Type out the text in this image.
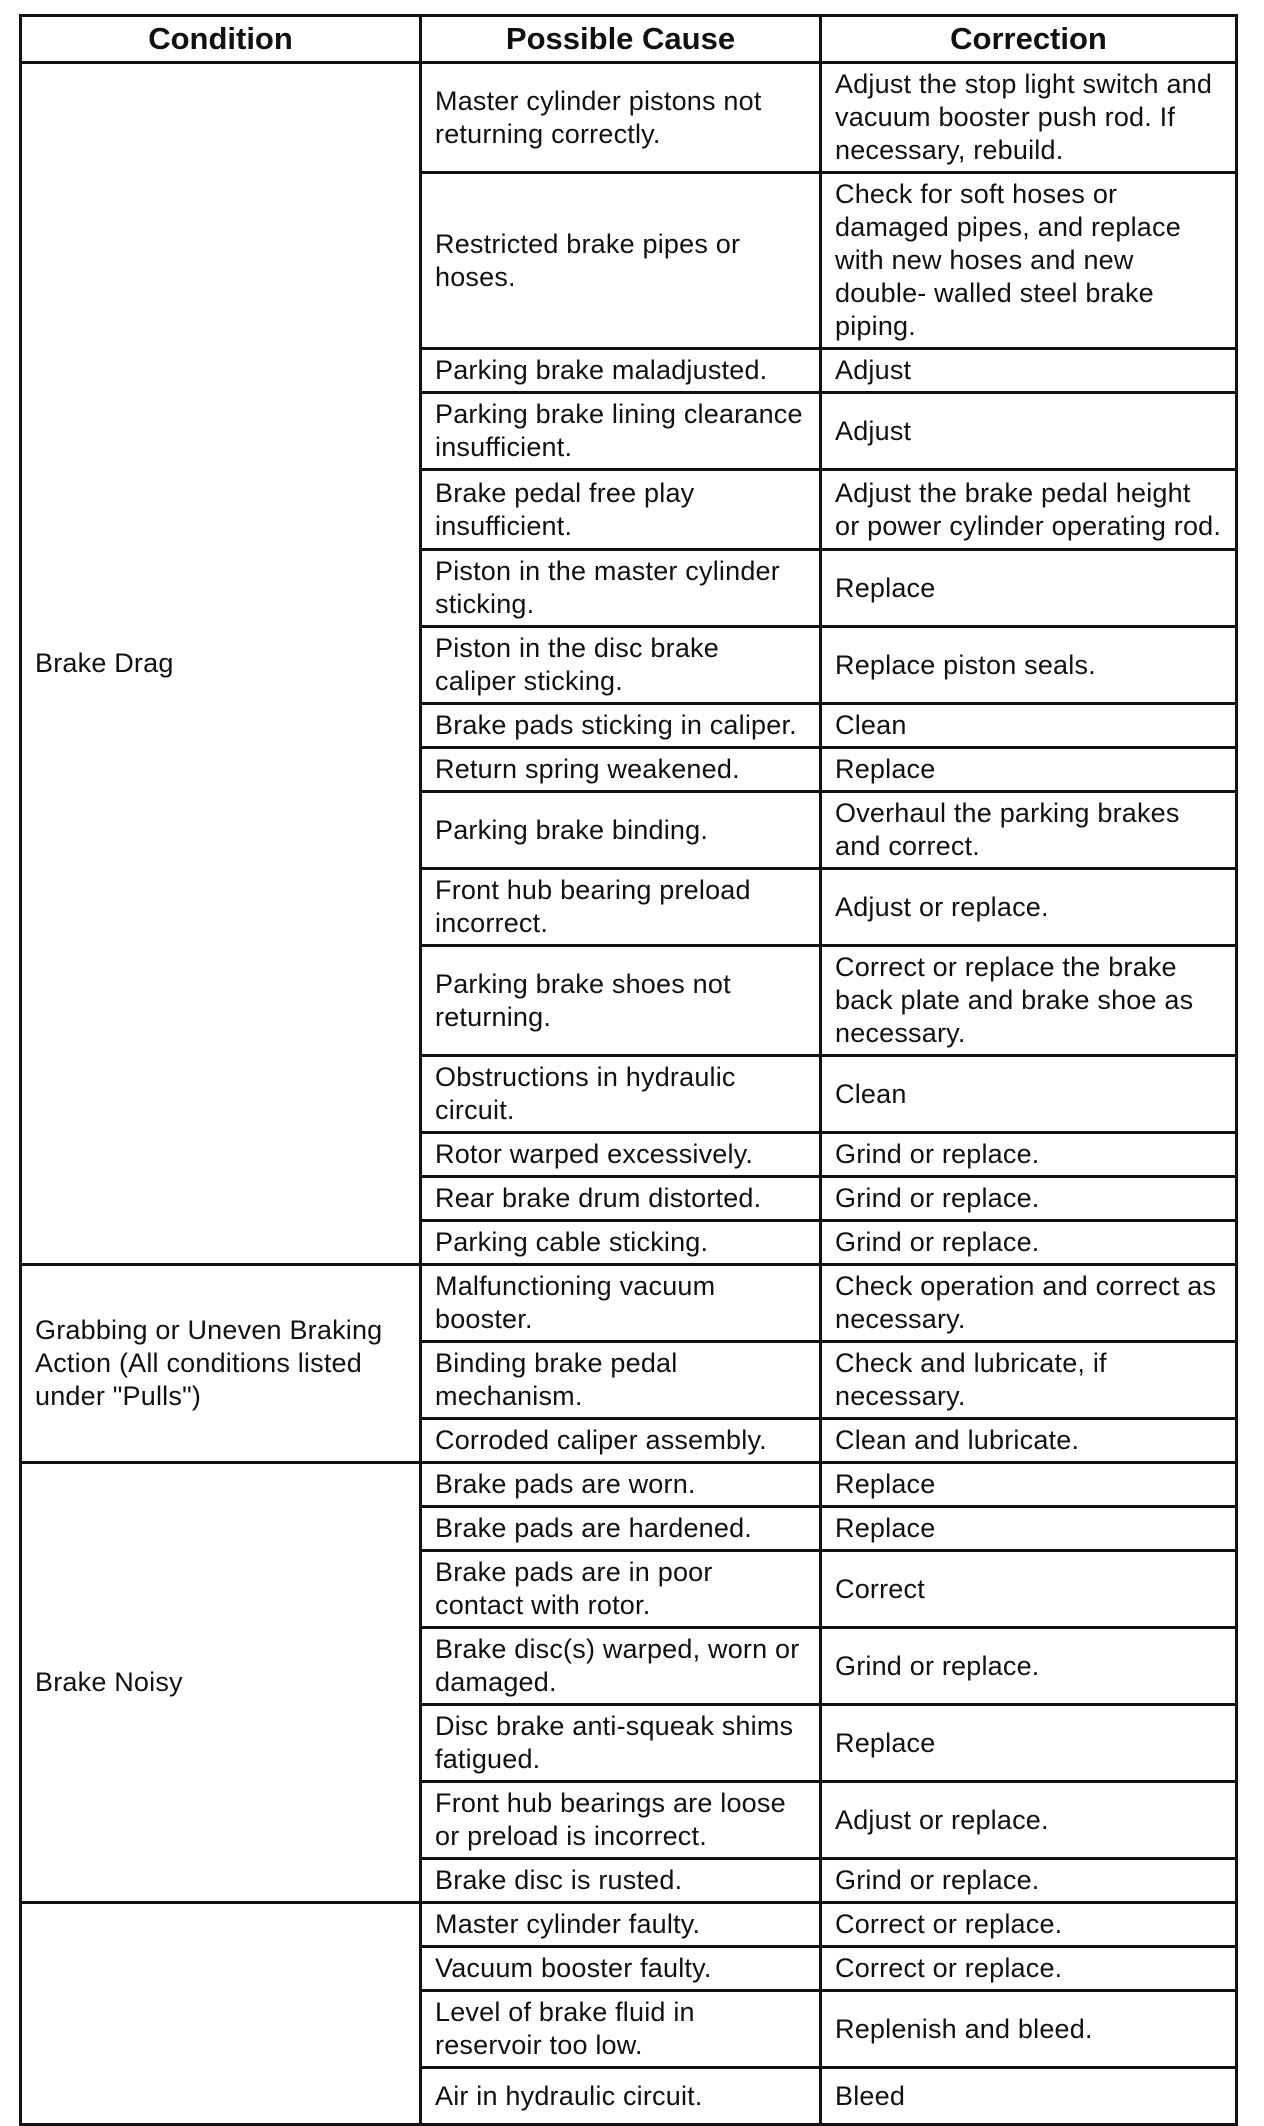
Condition	Possible Cause	Correction
Brake Drag	Master cylinder pistons not returning correctly.	Adjust the stop light switch and vacuum booster push rod. If necessary, rebuild.
	Restricted brake pipes or hoses.	Check for soft hoses or damaged pipes, and replace with new hoses and new double- walled steel brake piping.
	Parking brake maladjusted.	Adjust
	Parking brake lining clearance insufficient.	Adjust
	Brake pedal free play insufficient.	Adjust the brake pedal height or power cylinder operating rod.
	Piston in the master cylinder sticking.	Replace
	Piston in the disc brake caliper sticking.	Replace piston seals.
	Brake pads sticking in caliper.	Clean
	Return spring weakened.	Replace
	Parking brake binding.	Overhaul the parking brakes and correct.
	Front hub bearing preload incorrect.	Adjust or replace.
	Parking brake shoes not returning.	Correct or replace the brake back plate and brake shoe as necessary.
	Obstructions in hydraulic circuit.	Clean
	Rotor warped excessively.	Grind or replace.
	Rear brake drum distorted.	Grind or replace.
	Parking cable sticking.	Grind or replace.
Grabbing or Uneven Braking Action (All conditions listed under "Pulls")	Malfunctioning vacuum booster.	Check operation and correct as necessary.
	Binding brake pedal mechanism.	Check and lubricate, if necessary.
	Corroded caliper assembly.	Clean and lubricate.
Brake Noisy	Brake pads are worn.	Replace
	Brake pads are hardened.	Replace
	Brake pads are in poor contact with rotor.	Correct
	Brake disc(s) warped, worn or damaged.	Grind or replace.
	Disc brake anti-squeak shims fatigued.	Replace
	Front hub bearings are loose or preload is incorrect.	Adjust or replace.
	Brake disc is rusted.	Grind or replace.
	Master cylinder faulty.	Correct or replace.
	Vacuum booster faulty.	Correct or replace.
	Level of brake fluid in reservoir too low.	Replenish and bleed.
	Air in hydraulic circuit.	Bleed
